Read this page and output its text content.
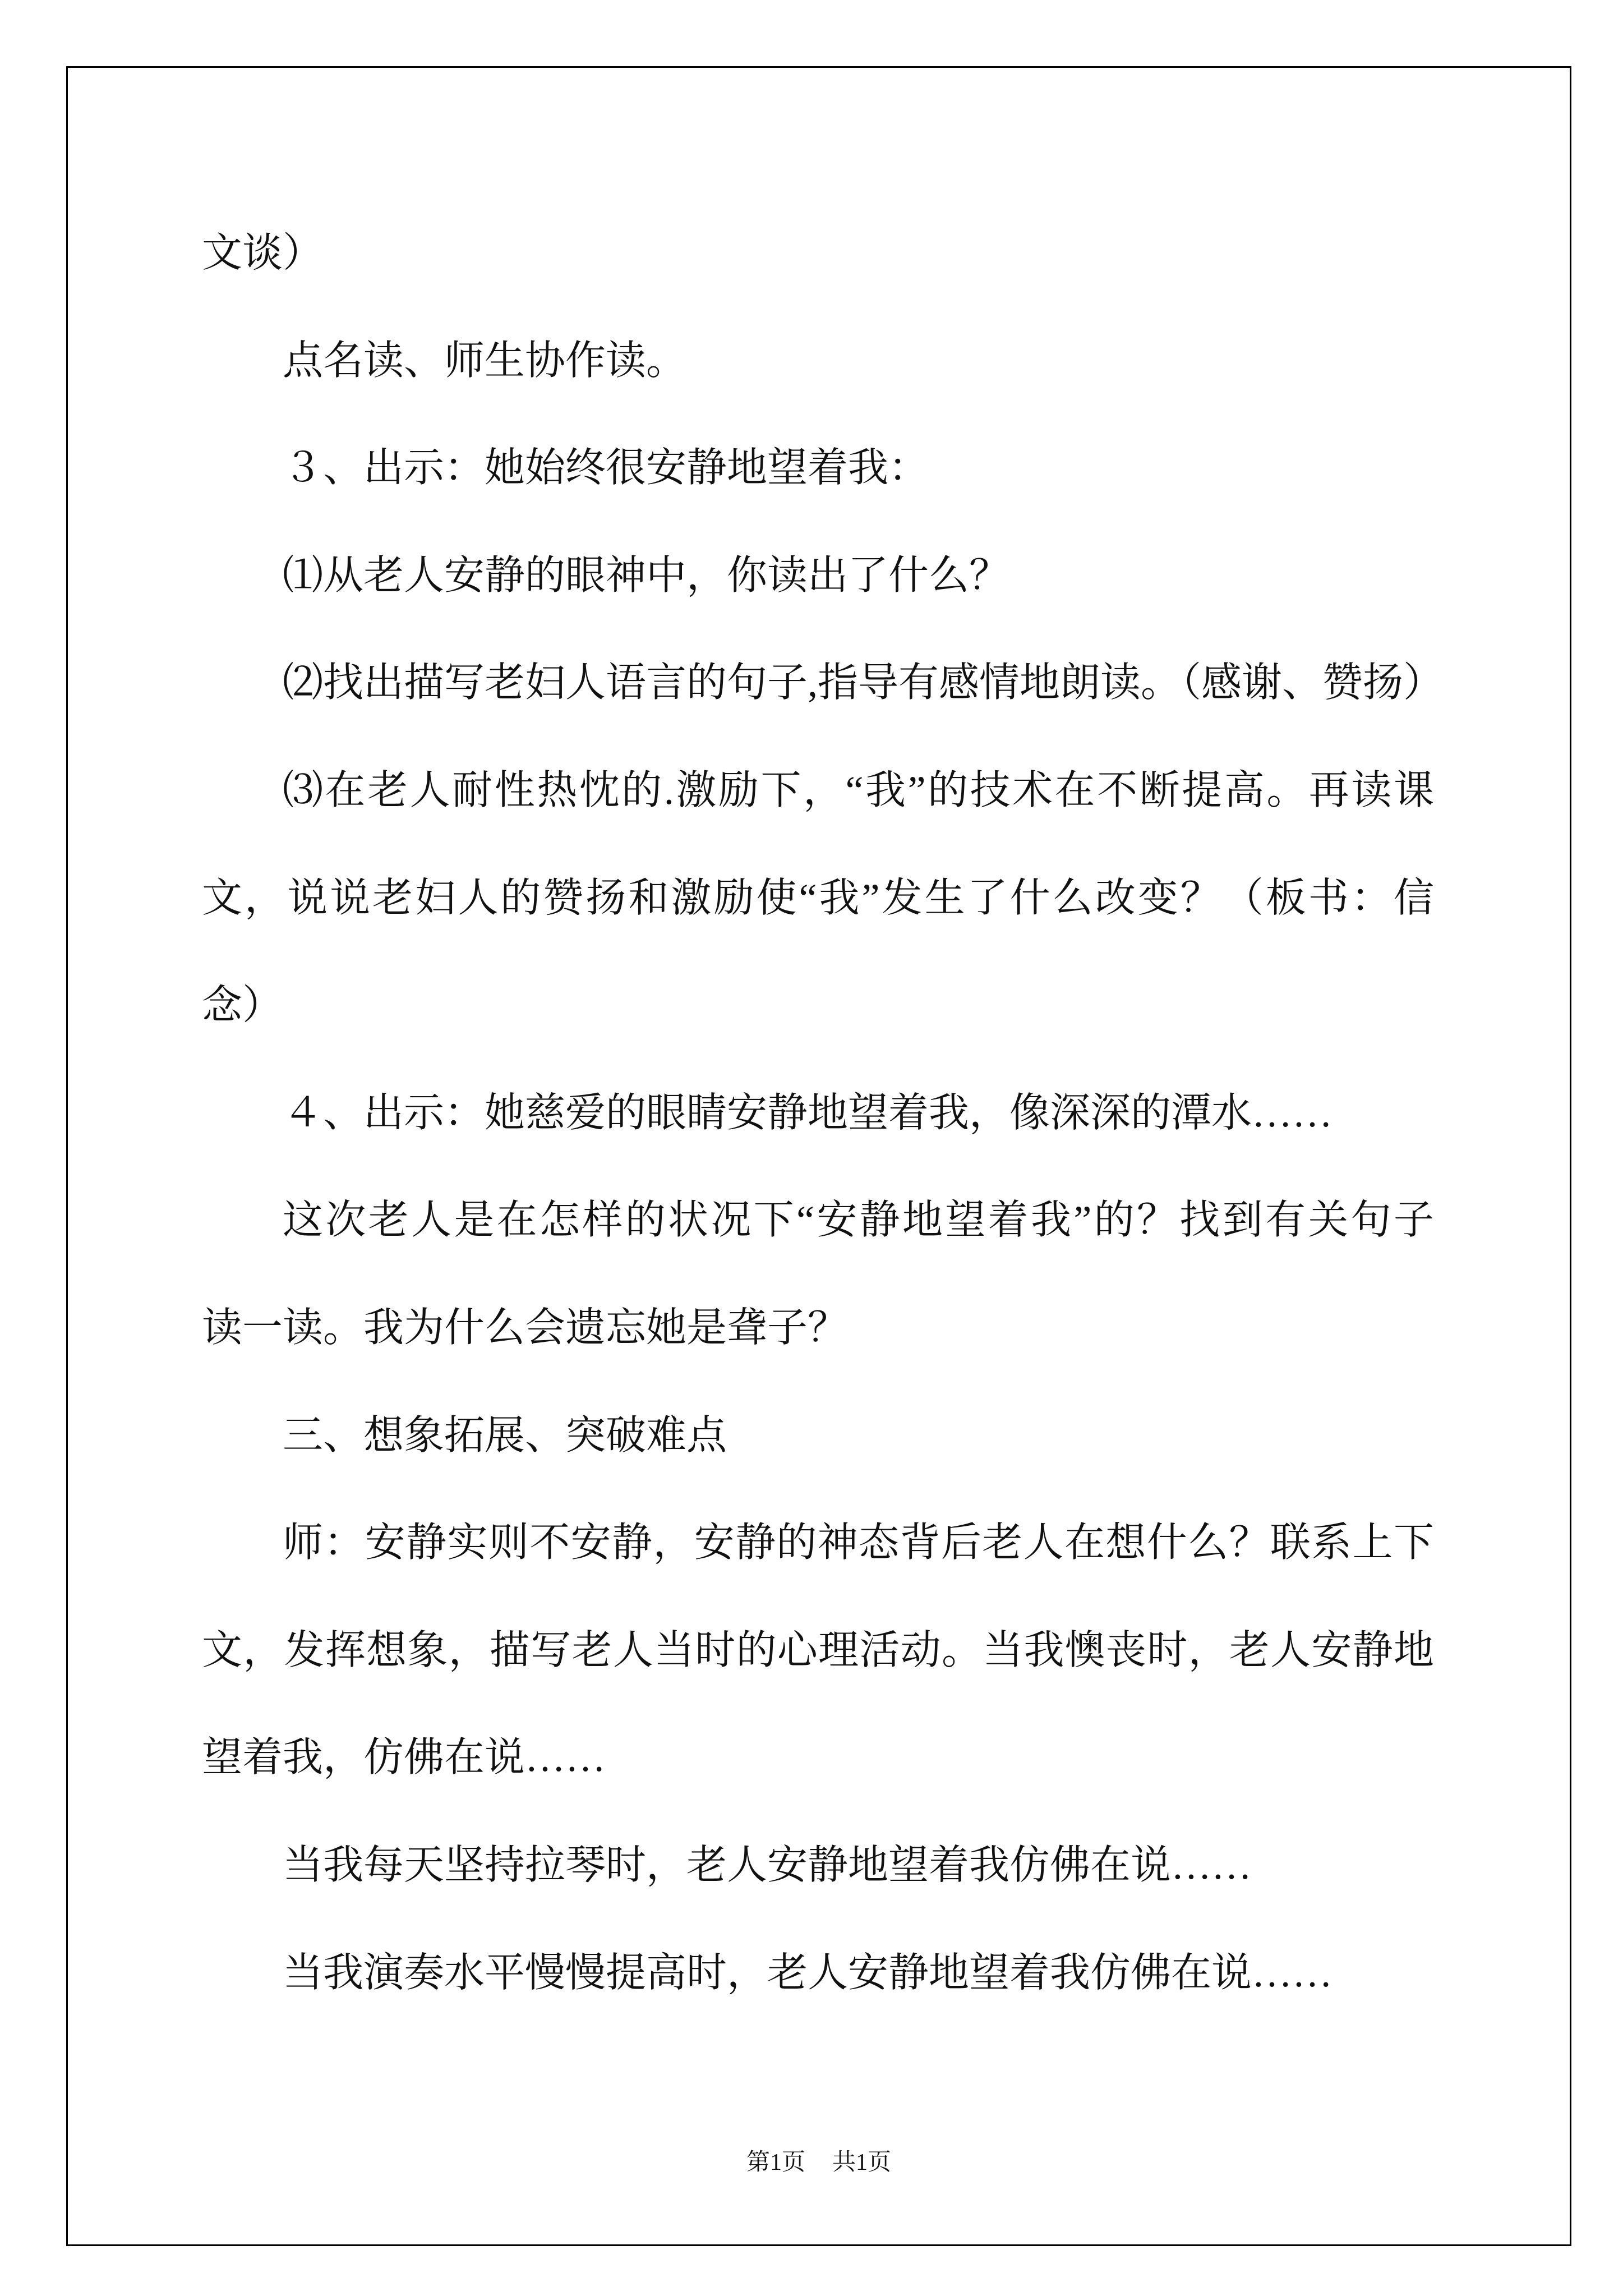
文谈）
点名读、师生协作读。
３、出示：她始终很安静地望着我：
⑴从老人安静的眼神中，你读出了什么？
⑵找出描写老妇人语言的句子,指导有感情地朗读。（感谢、赞扬）
⑶在老人耐性热忱的.激励下，“我”的技术在不断提高。再读课
文，说说老妇人的赞扬和激励使“我”发生了什么改变？（板书：信
念）
４、出示：她慈爱的眼睛安静地望着我，像深深的潭水……
这次老人是在怎样的状况下“安静地望着我”的？找到有关句子
读一读。我为什么会遗忘她是聋子？
三、想象拓展、突破难点
师：安静实则不安静，安静的神态背后老人在想什么？联系上下
文，发挥想象，描写老人当时的心理活动。当我懊丧时，老人安静地
望着我，仿佛在说……
当我每天坚持拉琴时，老人安静地望着我仿佛在说……
当我演奏水平慢慢提高时，老人安静地望着我仿佛在说……
第1页 共1页
